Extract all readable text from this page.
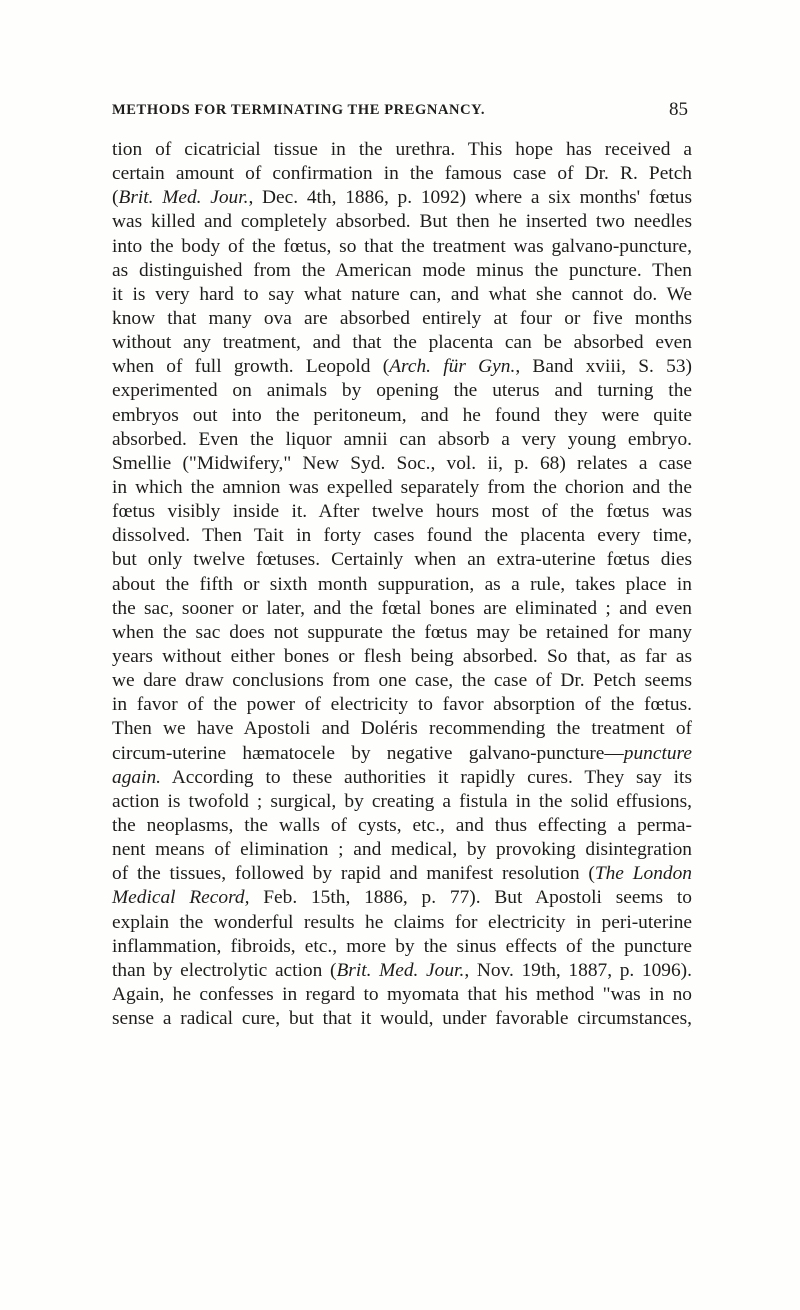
METHODS FOR TERMINATING THE PREGNANCY.	85
tion of cicatricial tissue in the urethra. This hope has received a
certain amount of confirmation in the famous case of Dr. R. Petch
(Brit. Med. Jour., Dec. 4th, 1886, p. 1092) where a six months' fœtus
was killed and completely absorbed. But then he inserted two needles
into the body of the fœtus, so that the treatment was galvano-puncture,
as distinguished from the American mode minus the puncture. Then
it is very hard to say what nature can, and what she cannot do. We
know that many ova are absorbed entirely at four or five months
without any treatment, and that the placenta can be absorbed even
when of full growth. Leopold (Arch. für Gyn., Band xviii, S. 53)
experimented on animals by opening the uterus and turning the
embryos out into the peritoneum, and he found they were quite
absorbed. Even the liquor amnii can absorb a very young embryo.
Smellie ("Midwifery," New Syd. Soc., vol. ii, p. 68) relates a case
in which the amnion was expelled separately from the chorion and the
fœtus visibly inside it. After twelve hours most of the fœtus was
dissolved. Then Tait in forty cases found the placenta every time,
but only twelve fœtuses. Certainly when an extra-uterine fœtus dies
about the fifth or sixth month suppuration, as a rule, takes place in
the sac, sooner or later, and the fœtal bones are eliminated ; and even
when the sac does not suppurate the fœtus may be retained for many
years without either bones or flesh being absorbed. So that, as far as
we dare draw conclusions from one case, the case of Dr. Petch seems
in favor of the power of electricity to favor absorption of the fœtus.
Then we have Apostoli and Doléris recommending the treatment of
circum-uterine hæmatocele by negative galvano-puncture—puncture
again. According to these authorities it rapidly cures. They say its
action is twofold ; surgical, by creating a fistula in the solid effusions,
the neoplasms, the walls of cysts, etc., and thus effecting a perma-
nent means of elimination ; and medical, by provoking disintegration
of the tissues, followed by rapid and manifest resolution (The London
Medical Record, Feb. 15th, 1886, p. 77). But Apostoli seems to
explain the wonderful results he claims for electricity in peri-uterine
inflammation, fibroids, etc., more by the sinus effects of the puncture
than by electrolytic action (Brit. Med. Jour., Nov. 19th, 1887, p. 1096).
Again, he confesses in regard to myomata that his method "was in no
sense a radical cure, but that it would, under favorable circumstances,
